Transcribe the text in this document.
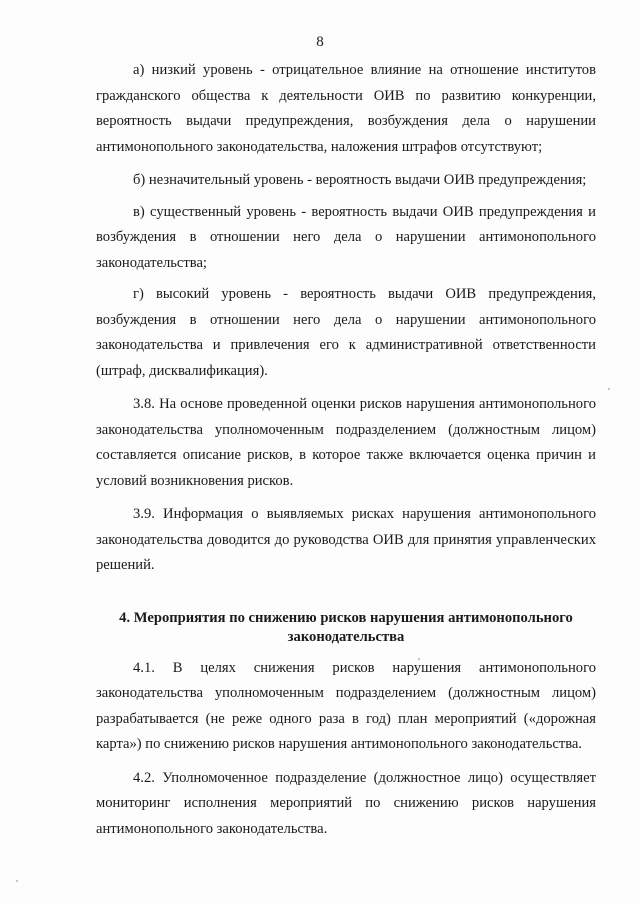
8

а) низкий уровень - отрицательное влияние на отношение институтов гражданского общества к деятельности ОИВ по развитию конкуренции, вероятность выдачи предупреждения, возбуждения дела о нарушении антимонопольного законодательства, наложения штрафов отсутствуют;

б) незначительный уровень - вероятность выдачи ОИВ предупреждения;

в) существенный уровень - вероятность выдачи ОИВ предупреждения и возбуждения в отношении него дела о нарушении антимонопольного законодательства;

г) высокий уровень - вероятность выдачи ОИВ предупреждения, возбуждения в отношении него дела о нарушении антимонопольного законодательства и привлечения его к административной ответственности (штраф, дисквалификация).

3.8. На основе проведенной оценки рисков нарушения антимонопольного законодательства уполномоченным подразделением (должностным лицом) составляется описание рисков, в которое также включается оценка причин и условий возникновения рисков.

3.9. Информация о выявляемых рисках нарушения антимонопольного законодательства доводится до руководства ОИВ для принятия управленческих решений.

4. Мероприятия по снижению рисков нарушения антимонопольного
законодательства

4.1. В целях снижения рисков нарушения антимонопольного законодательства уполномоченным подразделением (должностным лицом) разрабатывается (не реже одного раза в год) план мероприятий («дорожная карта») по снижению рисков нарушения антимонопольного законодательства.

4.2. Уполномоченное подразделение (должностное лицо) осуществляет мониторинг исполнения мероприятий по снижению рисков нарушения антимонопольного законодательства.
